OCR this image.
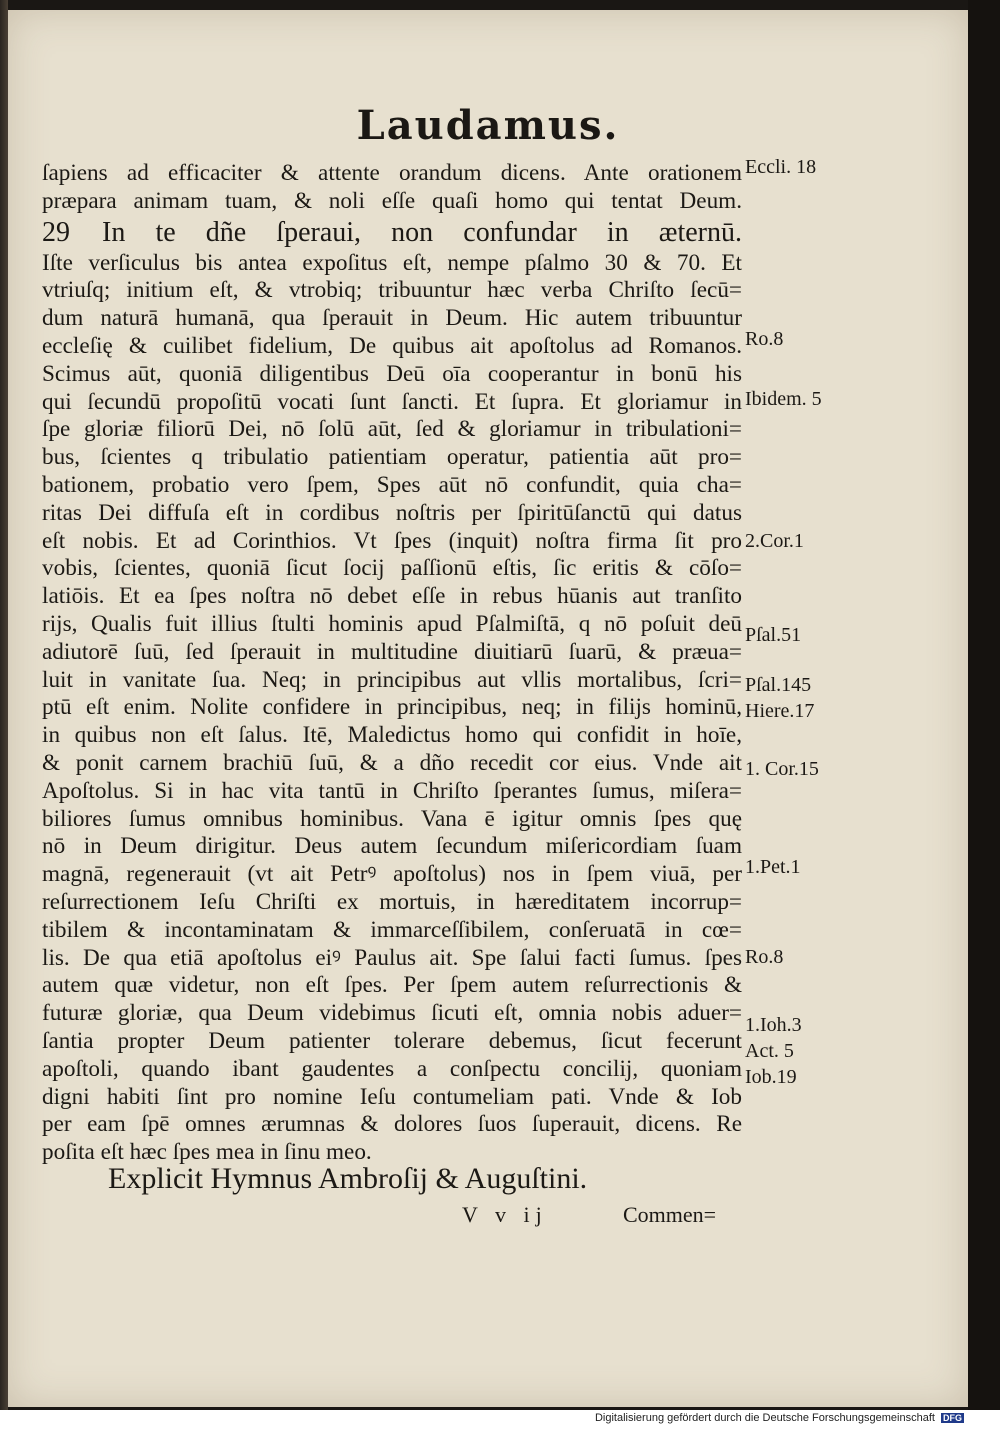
Laudamus.
ſapiens ad efficaciter & attente orandum dicens. Ante orationem
præpara animam tuam, & noli eſſe quaſi homo qui tentat Deum.
29 In te dñe ſperaui, non confundar in æternū.
Iſte verſiculus bis antea expoſitus eſt, nempe pſalmo 30 & 70. Et
vtriuſq; initium eſt, & vtrobiq; tribuuntur hæc verba Chriſto ſecū=
dum naturā humanā, qua ſperauit in Deum. Hic autem tribuuntur
eccleſię & cuilibet fidelium, De quibus ait apoſtolus ad Romanos.
Scimus aūt, quoniā diligentibus Deū oīa cooperantur in bonū his
qui ſecundū propoſitū vocati ſunt ſancti. Et ſupra. Et gloriamur in
ſpe gloriæ filiorū Dei, nō ſolū aūt, ſed & gloriamur in tribulationi=
bus, ſcientes q tribulatio patientiam operatur, patientia aūt pro=
bationem, probatio vero ſpem, Spes aūt nō confundit, quia cha=
ritas Dei diffuſa eſt in cordibus noſtris per ſpiritūſanctū qui datus
eſt nobis. Et ad Corinthios. Vt ſpes (inquit) noſtra firma ſit pro
vobis, ſcientes, quoniā ſicut ſocij paſſionū eſtis, ſic eritis & cōſo=
latiōis. Et ea ſpes noſtra nō debet eſſe in rebus hūanis aut tranſito
rijs, Qualis fuit illius ſtulti hominis apud Pſalmiſtā, q nō poſuit deū
adiutorē ſuū, ſed ſperauit in multitudine diuitiarū ſuarū, & præua=
luit in vanitate ſua. Neq; in principibus aut vllis mortalibus, ſcri=
ptū eſt enim. Nolite confidere in principibus, neq; in filijs hominū,
in quibus non eſt ſalus. Itē, Maledictus homo qui confidit in hoīe,
& ponit carnem brachiū ſuū, & a dño recedit cor eius. Vnde ait
Apoſtolus. Si in hac vita tantū in Chriſto ſperantes ſumus, miſera=
biliores ſumus omnibus hominibus. Vana ē igitur omnis ſpes quę
nō in Deum dirigitur. Deus autem ſecundum miſericordiam ſuam
magnā, regenerauit (vt ait Petrꝰ apoſtolus) nos in ſpem viuā, per
reſurrectionem Ieſu Chriſti ex mortuis, in hæreditatem incorrup=
tibilem & incontaminatam & immarceſſibilem, conſeruatā in cœ=
lis. De qua etiā apoſtolus eiꝰ Paulus ait. Spe ſalui facti ſumus. ſpes
autem quæ videtur, non eſt ſpes. Per ſpem autem reſurrectionis &
futuræ gloriæ, qua Deum videbimus ſicuti eſt, omnia nobis aduer=
ſantia propter Deum patienter tolerare debemus, ſicut fecerunt
apoſtoli, quando ibant gaudentes a conſpectu concilij, quoniam
digni habiti ſint pro nomine Ieſu contumeliam pati. Vnde & Iob
per eam ſpē omnes ærumnas & dolores ſuos ſuperauit, dicens. Re
poſita eſt hæc ſpes mea in ſinu meo.
Explicit Hymnus Ambroſij & Auguſtini.
V v ij	Commen=
Eccli. 18
Ro.8
Ibidem. 5
2.Cor.1
Pſal.51
Pſal.145
Hiere.17
1. Cor.15
1.Pet.1
Ro.8
1.Ioh.3
Act. 5
Iob.19
Digitalisierung gefördert durch die Deutsche Forschungsgemeinschaft DFG
